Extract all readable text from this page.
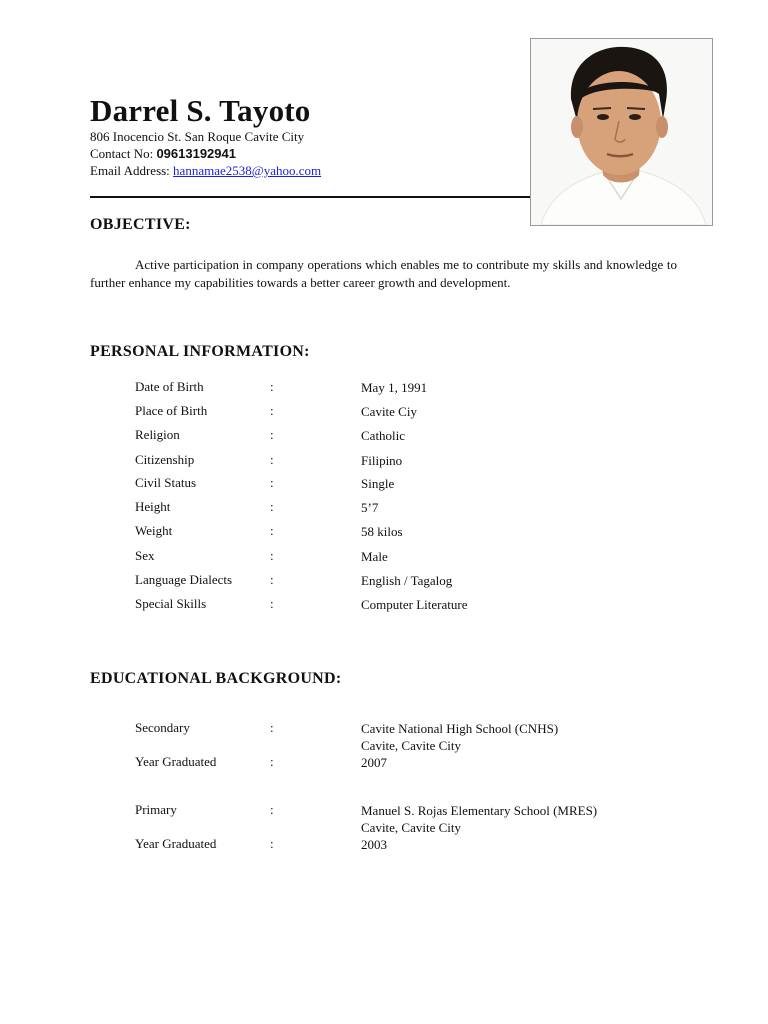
Darrel S. Tayoto
806 Inocencio St. San Roque Cavite City
Contact No: 09613192941
Email Address: hannamae2538@yahoo.com
OBJECTIVE:
Active participation in company operations which enables me to contribute my skills and knowledge to further enhance my capabilities towards a better career growth and development.
PERSONAL INFORMATION:
Date of Birth	:	May 1, 1991
Place of Birth	:	Cavite Ciy
Religion	:	Catholic
Citizenship	:	Filipino
Civil Status	:	Single
Height	:	5’7
Weight	:	58 kilos
Sex	:	Male
Language Dialects	:	English / Tagalog
Special Skills	:	Computer Literature
EDUCATIONAL BACKGROUND:
Secondary	:	Cavite National High School (CNHS)
Cavite, Cavite City
Year Graduated	:	2007
Primary	:	Manuel S. Rojas Elementary School (MRES)
Cavite, Cavite City
Year Graduated	:	2003
